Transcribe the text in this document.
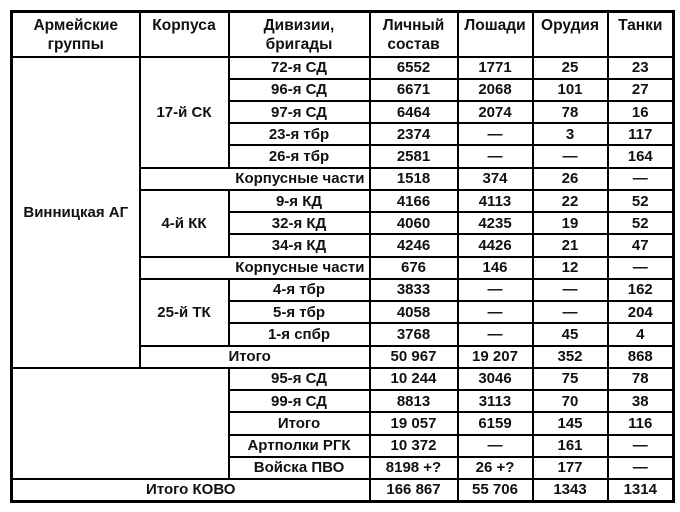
Армейские группы	Корпуса	Дивизии, бригады	Личный состав	Лошади	Орудия	Танки
Винницкая АГ	17-й СК	72-я СД	6552	1771	25	23
		96-я СД	6671	2068	101	27
		97-я СД	6464	2074	78	16
		23-я тбр	2374	—	3	117
		26-я тбр	2581	—	—	164
	Корпусные части		1518	374	26	—
	4-й КК	9-я КД	4166	4113	22	52
		32-я КД	4060	4235	19	52
		34-я КД	4246	4426	21	47
	Корпусные части		676	146	12	—
	25-й ТК	4-я тбр	3833	—	—	162
		5-я тбр	4058	—	—	204
		1-я спбр	3768	—	45	4
	Итого		50 967	19 207	352	868
		95-я СД	10 244	3046	75	78
		99-я СД	8813	3113	70	38
		Итого	19 057	6159	145	116
		Артполки РГК	10 372	—	161	—
		Войска ПВО	8198 +?	26 +?	177	—
Итого КОВО			166 867	55 706	1343	1314
